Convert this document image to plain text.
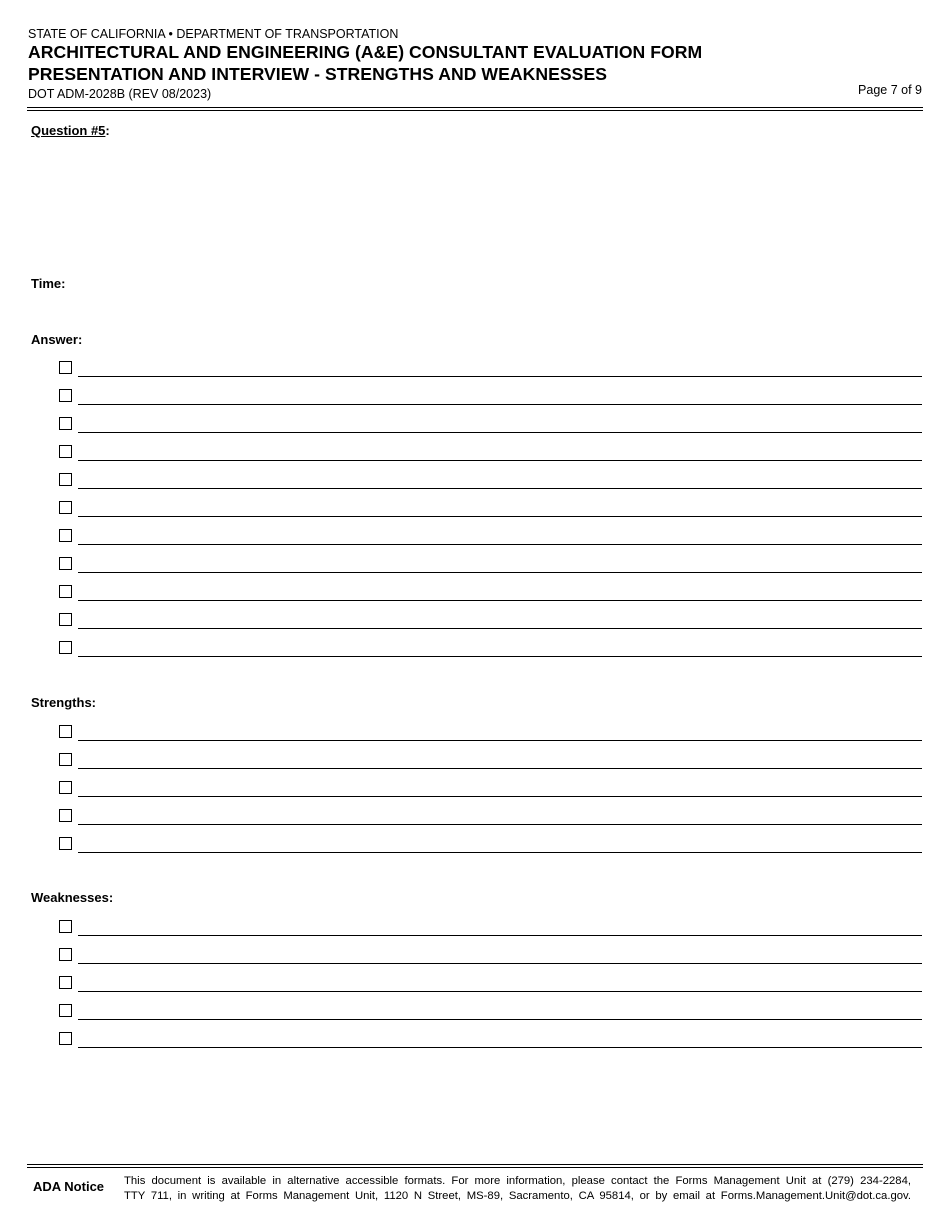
STATE OF CALIFORNIA • DEPARTMENT OF TRANSPORTATION
ARCHITECTURAL AND ENGINEERING (A&E) CONSULTANT EVALUATION FORM
PRESENTATION AND INTERVIEW - STRENGTHS AND WEAKNESSES
DOT ADM-2028B (REV 08/2023)	Page 7 of 9
Question #5:
Time:
Answer:
Strengths:
Weaknesses:
ADA Notice This document is available in alternative accessible formats. For more information, please contact the Forms Management Unit at (279) 234-2284,
TTY 711, in writing at Forms Management Unit, 1120 N Street, MS-89, Sacramento, CA 95814, or by email at Forms.Management.Unit@dot.ca.gov.
